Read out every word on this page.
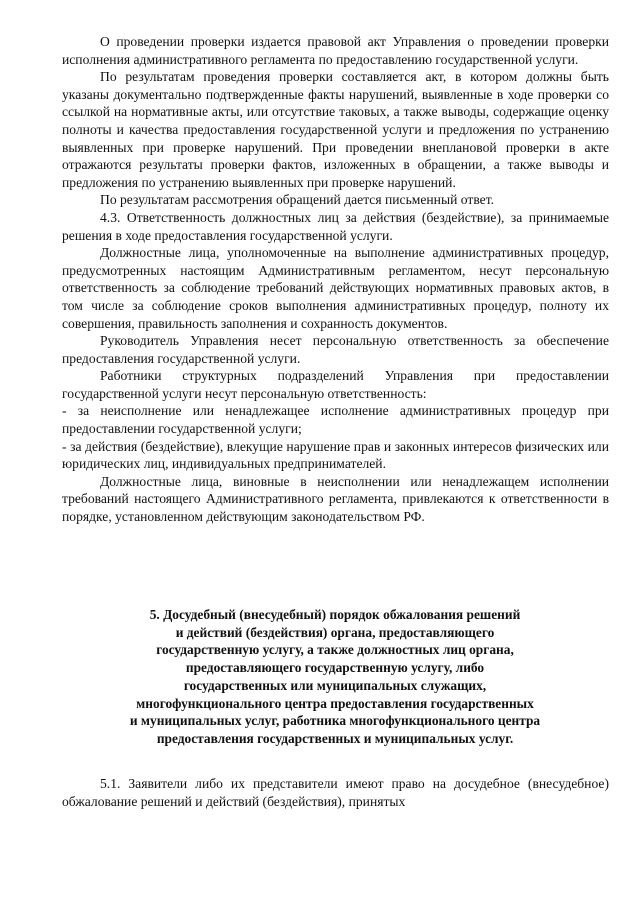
О проведении проверки издается правовой акт Управления о проведении проверки исполнения административного регламента по предоставлению государственной услуги.

По результатам проведения проверки составляется акт, в котором должны быть указаны документально подтвержденные факты нарушений, выявленные в ходе проверки со ссылкой на нормативные акты, или отсутствие таковых, а также выводы, содержащие оценку полноты и качества предоставления государственной услуги и предложения по устранению выявленных при проверке нарушений. При проведении внеплановой проверки в акте отражаются результаты проверки фактов, изложенных в обращении, а также выводы и предложения по устранению выявленных при проверке нарушений.

По результатам рассмотрения обращений дается письменный ответ.

4.3. Ответственность должностных лиц за действия (бездействие), за принимаемые решения в ходе предоставления государственной услуги.

Должностные лица, уполномоченные на выполнение административных процедур, предусмотренных настоящим Административным регламентом, несут персональную ответственность за соблюдение требований действующих нормативных правовых актов, в том числе за соблюдение сроков выполнения административных процедур, полноту их совершения, правильность заполнения и сохранность документов.

Руководитель Управления несет персональную ответственность за обеспечение предоставления государственной услуги.

Работники структурных подразделений Управления при предоставлении государственной услуги несут персональную ответственность:

- за неисполнение или ненадлежащее исполнение административных процедур при предоставлении государственной услуги;

- за действия (бездействие), влекущие нарушение прав и законных интересов физических или юридических лиц, индивидуальных предпринимателей.

Должностные лица, виновные в неисполнении или ненадлежащем исполнении требований настоящего Административного регламента, привлекаются к ответственности в порядке, установленном действующим законодательством РФ.

5. Досудебный (внесудебный) порядок обжалования решений

и действий (бездействия) органа, предоставляющего

государственную услугу, а также должностных лиц органа,

предоставляющего государственную услугу, либо

государственных или муниципальных служащих,

многофункционального центра предоставления государственных

и муниципальных услуг, работника многофункционального центра

предоставления государственных и муниципальных услуг.

5.1. Заявители либо их представители имеют право на досудебное (внесудебное) обжалование решений и действий (бездействия), принятых
